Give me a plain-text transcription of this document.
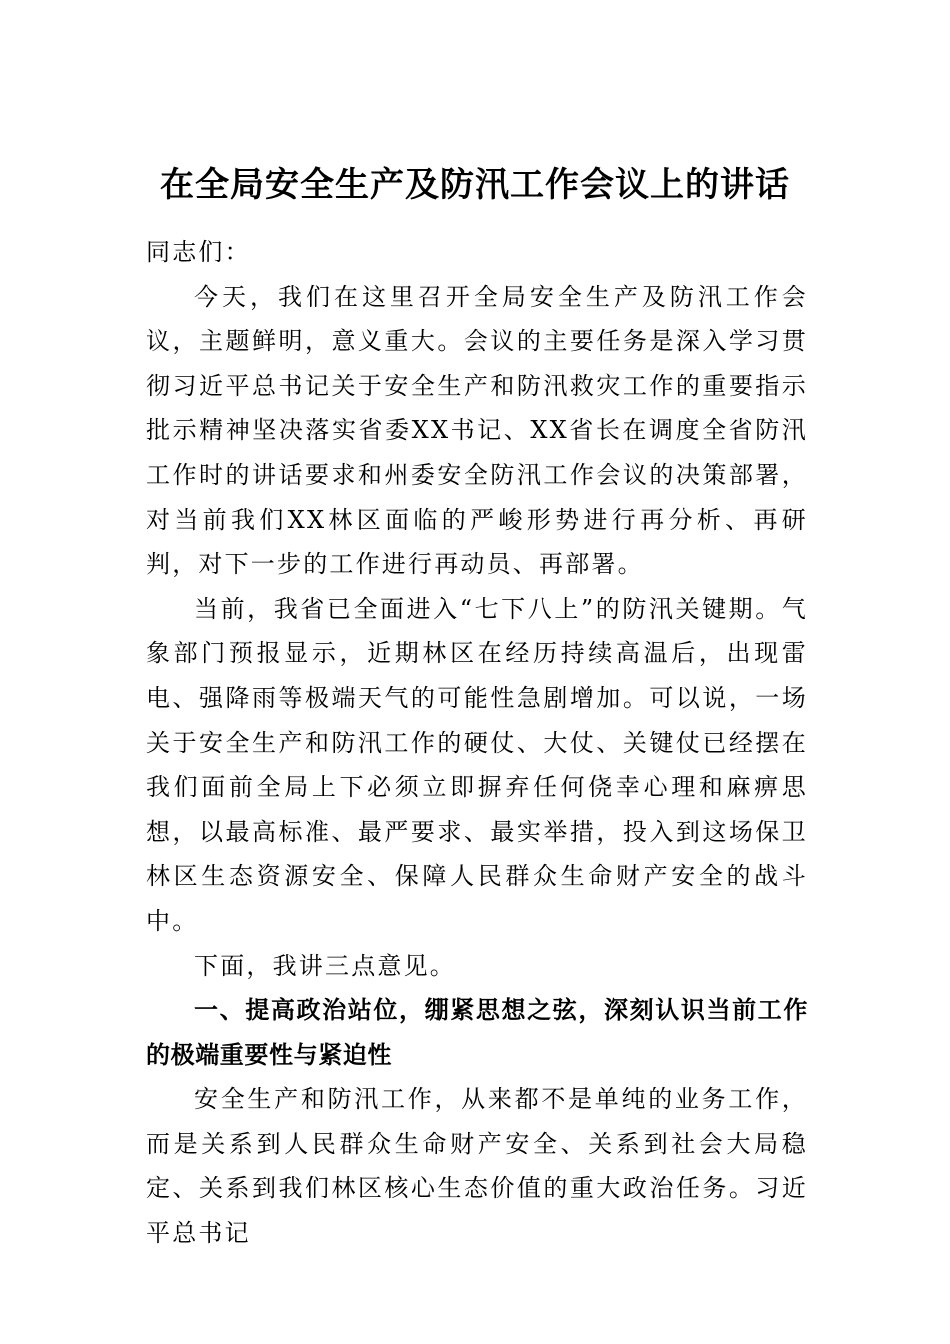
在全局安全生产及防汛工作会议上的讲话

同志们：

今天，我们在这里召开全局安全生产及防汛工作会议，主题鲜明，意义重大。会议的主要任务是深入学习贯彻习近平总书记关于安全生产和防汛救灾工作的重要指示批示精神坚决落实省委XX书记、XX省长在调度全省防汛工作时的讲话要求和州委安全防汛工作会议的决策部署，对当前我们XX林区面临的严峻形势进行再分析、再研判，对下一步的工作进行再动员、再部署。

当前，我省已全面进入“七下八上”的防汛关键期。气象部门预报显示，近期林区在经历持续高温后，出现雷电、强降雨等极端天气的可能性急剧增加。可以说，一场关于安全生产和防汛工作的硬仗、大仗、关键仗已经摆在我们面前全局上下必须立即摒弃任何侥幸心理和麻痹思想，以最高标准、最严要求、最实举措，投入到这场保卫林区生态资源安全、保障人民群众生命财产安全的战斗中。

下面，我讲三点意见。

一、提高政治站位，绷紧思想之弦，深刻认识当前工作的极端重要性与紧迫性

安全生产和防汛工作，从来都不是单纯的业务工作，而是关系到人民群众生命财产安全、关系到社会大局稳定、关系到我们林区核心生态价值的重大政治任务。习近平总书记
